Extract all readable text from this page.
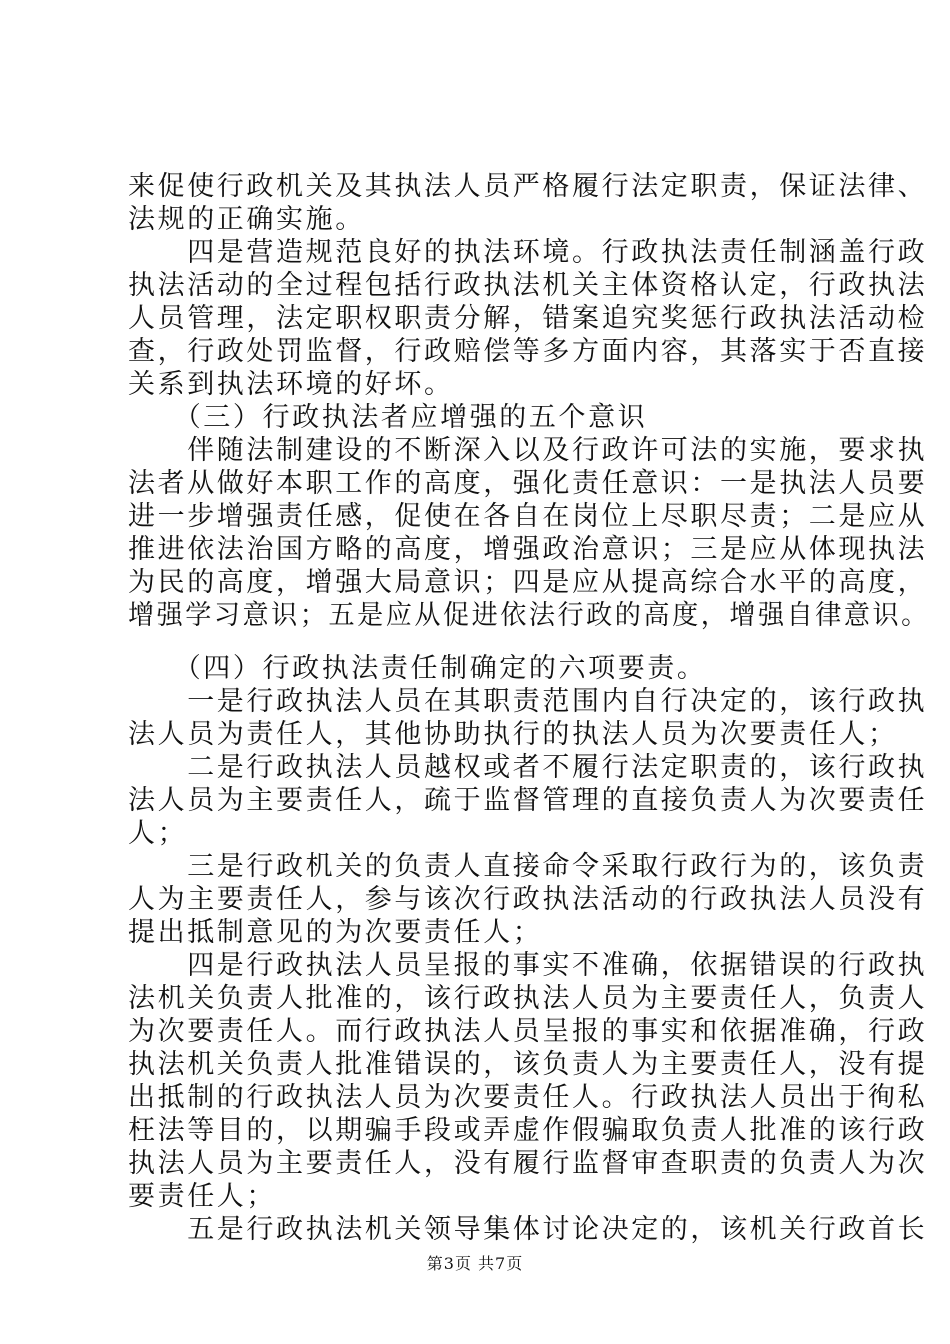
来促使行政机关及其执法人员严格履行法定职责，保证法律、
法规的正确实施。
　　四是营造规范良好的执法环境。行政执法责任制涵盖行政
执法活动的全过程包括行政执法机关主体资格认定，行政执法
人员管理，法定职权职责分解，错案追究奖惩行政执法活动检
查，行政处罚监督，行政赔偿等多方面内容，其落实于否直接
关系到执法环境的好坏。
　　（三）行政执法者应增强的五个意识
　　伴随法制建设的不断深入以及行政许可法的实施，要求执
法者从做好本职工作的高度，强化责任意识：一是执法人员要
进一步增强责任感，促使在各自在岗位上尽职尽责；二是应从
推进依法治国方略的高度，增强政治意识；三是应从体现执法
为民的高度，增强大局意识；四是应从提高综合水平的高度，
增强学习意识；五是应从促进依法行政的高度，增强自律意识。
　　（四）行政执法责任制确定的六项要责。
　　一是行政执法人员在其职责范围内自行决定的，该行政执
法人员为责任人，其他协助执行的执法人员为次要责任人；
　　二是行政执法人员越权或者不履行法定职责的，该行政执
法人员为主要责任人，疏于监督管理的直接负责人为次要责任
人；
　　三是行政机关的负责人直接命令采取行政行为的，该负责
人为主要责任人，参与该次行政执法活动的行政执法人员没有
提出抵制意见的为次要责任人；
　　四是行政执法人员呈报的事实不准确，依据错误的行政执
法机关负责人批准的，该行政执法人员为主要责任人，负责人
为次要责任人。而行政执法人员呈报的事实和依据准确，行政
执法机关负责人批准错误的，该负责人为主要责任人，没有提
出抵制的行政执法人员为次要责任人。行政执法人员出于徇私
枉法等目的，以期骗手段或弄虚作假骗取负责人批准的该行政
执法人员为主要责任人，没有履行监督审查职责的负责人为次
要责任人；
　　五是行政执法机关领导集体讨论决定的，该机关行政首长
第3页 共7页
